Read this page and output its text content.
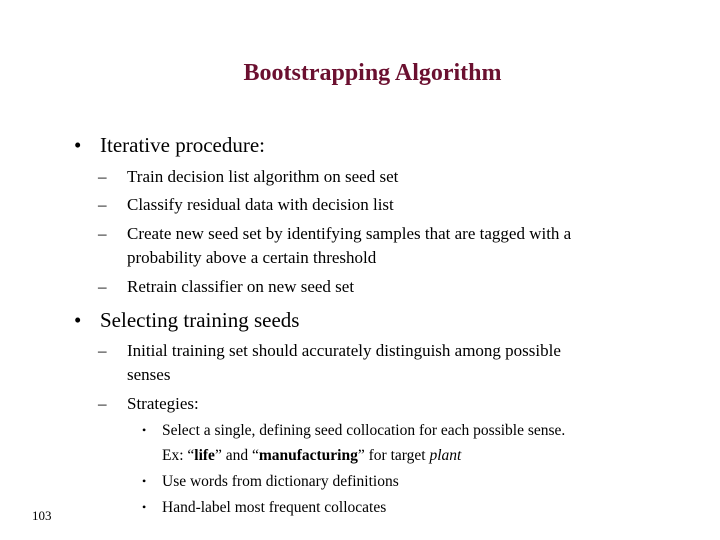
Bootstrapping Algorithm
• Iterative procedure:
– Train decision list algorithm on seed set
– Classify residual data with decision list
– Create new seed set by identifying samples that are tagged with a
probability above a certain threshold
– Retrain classifier on new seed set
• Selecting training seeds
– Initial training set should accurately distinguish among possible
senses
– Strategies:
• Select a single, defining seed collocation for each possible sense.
Ex: “life” and “manufacturing” for target plant
• Use words from dictionary definitions
• Hand-label most frequent collocates
103
